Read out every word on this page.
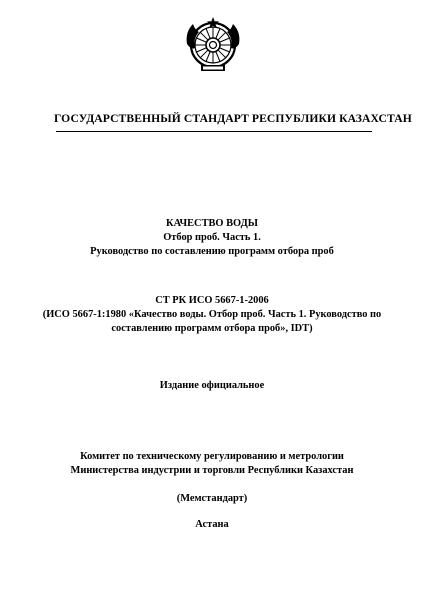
ГОСУДАРСТВЕННЫЙ СТАНДАРТ РЕСПУБЛИКИ КАЗАХСТАН
КАЧЕСТВО ВОДЫ
Отбор проб. Часть 1.
Руководство по составлению программ отбора проб
СТ РК ИСО 5667-1-2006
(ИСО 5667-1:1980 «Качество воды. Отбор проб. Часть 1. Руководство по
составлению программ отбора проб», IDT)
Издание официальное
Комитет по техническому регулированию и метрологии
Министерства индустрии и торговли Республики Казахстан
(Мемстандарт)
Астана
